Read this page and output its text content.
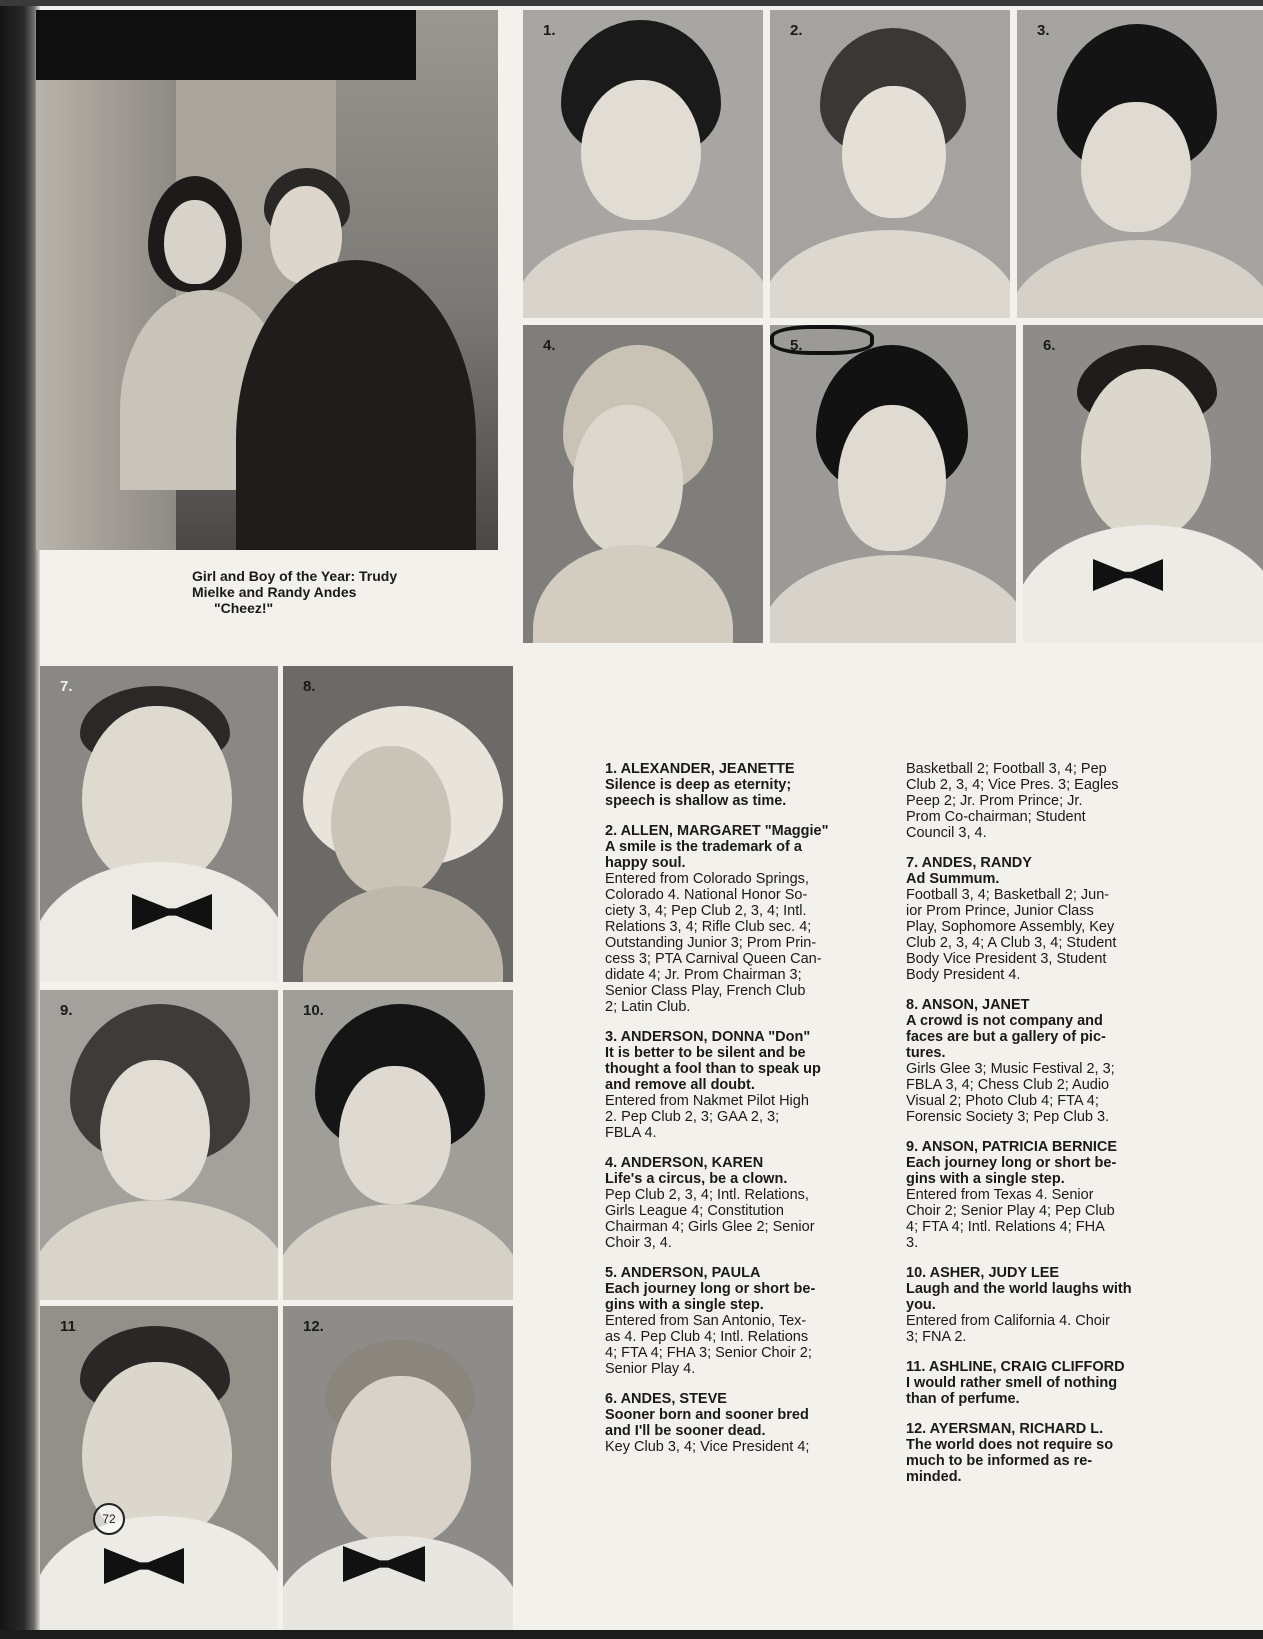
Girl and Boy of the Year: Trudy
Mielke and Randy Andes
"Cheez!"
1.	2.	3.
4.	5.	6.
7.	8.
9.	10.
11	12.
72
1. ALEXANDER, JEANETTE
Silence is deep as eternity;
speech is shallow as time.
2. ALLEN, MARGARET "Maggie"
A smile is the trademark of a
happy soul.
Entered from Colorado Springs,
Colorado 4. National Honor So-
ciety 3, 4; Pep Club 2, 3, 4; Intl.
Relations 3, 4; Rifle Club sec. 4;
Outstanding Junior 3; Prom Prin-
cess 3; PTA Carnival Queen Can-
didate 4; Jr. Prom Chairman 3;
Senior Class Play, French Club
2; Latin Club.
3. ANDERSON, DONNA "Don"
It is better to be silent and be
thought a fool than to speak up
and remove all doubt.
Entered from Nakmet Pilot High
2. Pep Club 2, 3; GAA 2, 3;
FBLA 4.
4. ANDERSON, KAREN
Life's a circus, be a clown.
Pep Club 2, 3, 4; Intl. Relations,
Girls League 4; Constitution
Chairman 4; Girls Glee 2; Senior
Choir 3, 4.
5. ANDERSON, PAULA
Each journey long or short be-
gins with a single step.
Entered from San Antonio, Tex-
as 4. Pep Club 4; Intl. Relations
4; FTA 4; FHA 3; Senior Choir 2;
Senior Play 4.
6. ANDES, STEVE
Sooner born and sooner bred
and I'll be sooner dead.
Key Club 3, 4; Vice President 4;
Basketball 2; Football 3, 4; Pep
Club 2, 3, 4; Vice Pres. 3; Eagles
Peep 2; Jr. Prom Prince; Jr.
Prom Co-chairman; Student
Council 3, 4.
7. ANDES, RANDY
Ad Summum.
Football 3, 4; Basketball 2; Jun-
ior Prom Prince, Junior Class
Play, Sophomore Assembly, Key
Club 2, 3, 4; A Club 3, 4; Student
Body Vice President 3, Student
Body President 4.
8. ANSON, JANET
A crowd is not company and
faces are but a gallery of pic-
tures.
Girls Glee 3; Music Festival 2, 3;
FBLA 3, 4; Chess Club 2; Audio
Visual 2; Photo Club 4; FTA 4;
Forensic Society 3; Pep Club 3.
9. ANSON, PATRICIA BERNICE
Each journey long or short be-
gins with a single step.
Entered from Texas 4. Senior
Choir 2; Senior Play 4; Pep Club
4; FTA 4; Intl. Relations 4; FHA
3.
10. ASHER, JUDY LEE
Laugh and the world laughs with
you.
Entered from California 4. Choir
3; FNA 2.
11. ASHLINE, CRAIG CLIFFORD
I would rather smell of nothing
than of perfume.
12. AYERSMAN, RICHARD L.
The world does not require so
much to be informed as re-
minded.
